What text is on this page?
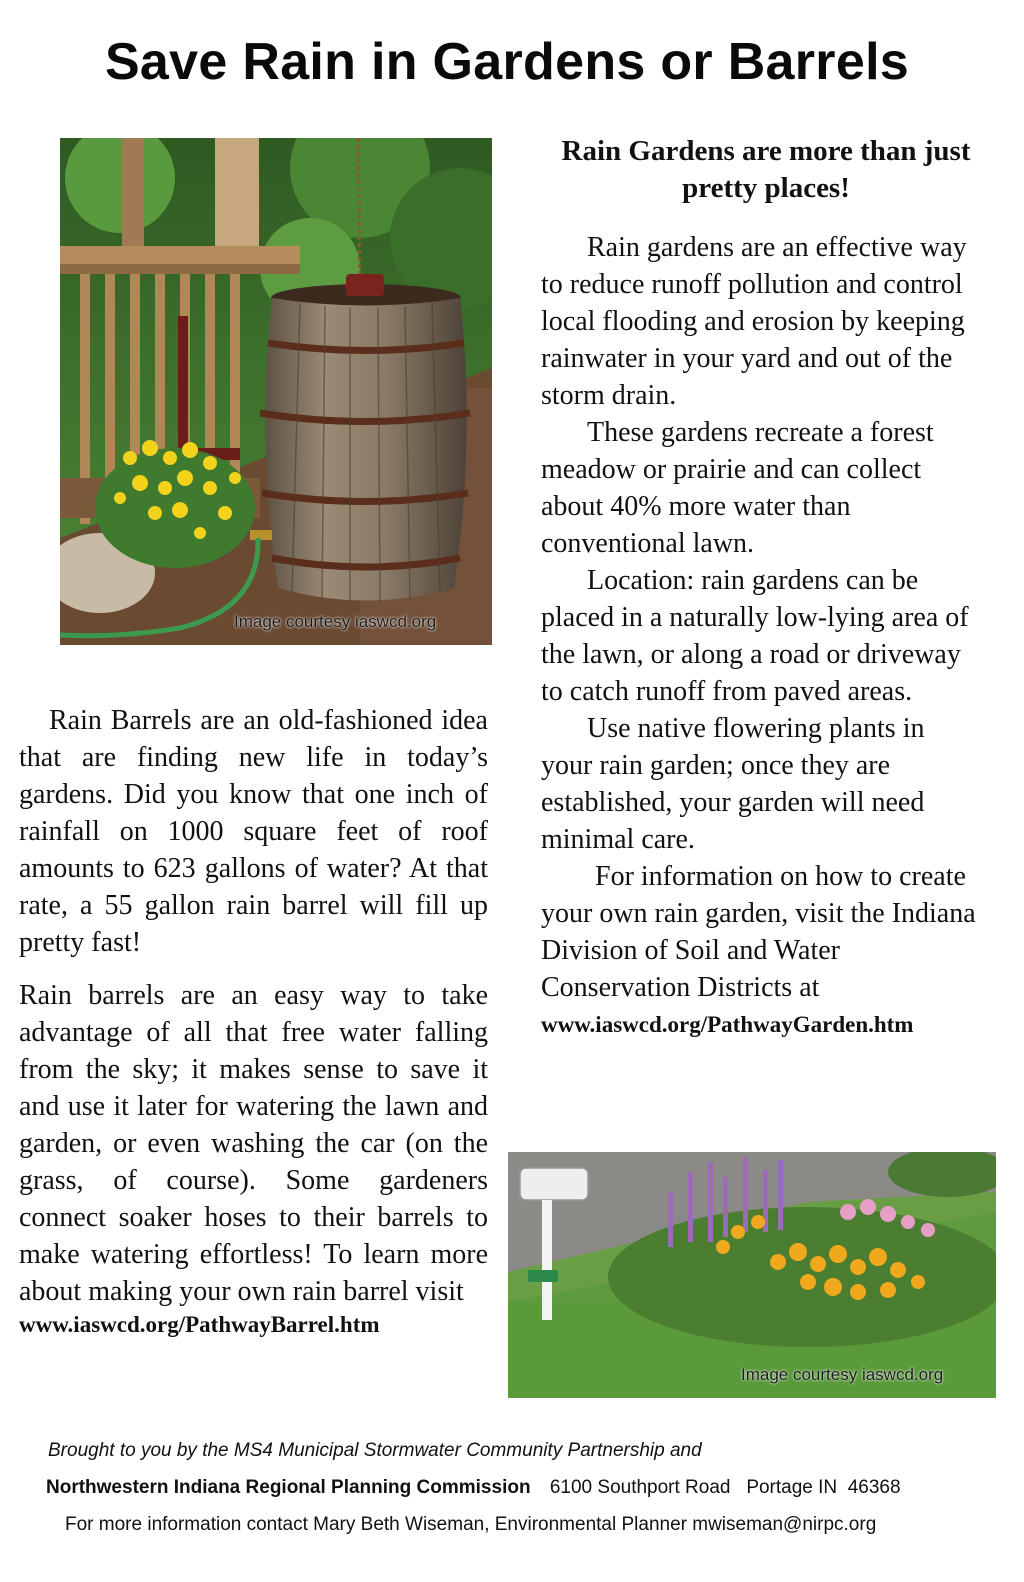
Save Rain in Gardens or Barrels
Image courtesy iaswcd.org

Rain Barrels are an old-fashioned idea that are finding new life in today’s gardens. Did you know that one inch of rainfall on 1000 square feet of roof amounts to 623 gallons of water? At that rate, a 55 gallon rain barrel will fill up pretty fast!

Rain barrels are an easy way to take advantage of all that free water falling from the sky; it makes sense to save it and use it later for watering the lawn and garden, or even washing the car (on the grass, of course). Some gardeners connect soaker hoses to their barrels to make watering effortless! To learn more about making your own rain barrel visit
www.iaswcd.org/PathwayBarrel.htm

Rain Gardens are more than just pretty places!

Rain gardens are an effective way to reduce runoff pollution and control local flooding and erosion by keeping rainwater in your yard and out of the storm drain.

These gardens recreate a forest meadow or prairie and can collect about 40% more water than conventional lawn.

Location: rain gardens can be placed in a naturally low-lying area of the lawn, or along a road or driveway to catch runoff from paved areas.

Use native flowering plants in your rain garden; once they are established, your garden will need minimal care.

For information on how to create your own rain garden, visit the Indiana Division of Soil and Water Conservation Districts at

www.iaswcd.org/PathwayGarden.htm
Image courtesy iaswcd.org
Brought to you by the MS4 Municipal Stormwater Community Partnership and
Northwestern Indiana Regional Planning Commission 6100 Southport Road   Portage IN  46368
For more information contact Mary Beth Wiseman, Environmental Planner mwiseman@nirpc.org
